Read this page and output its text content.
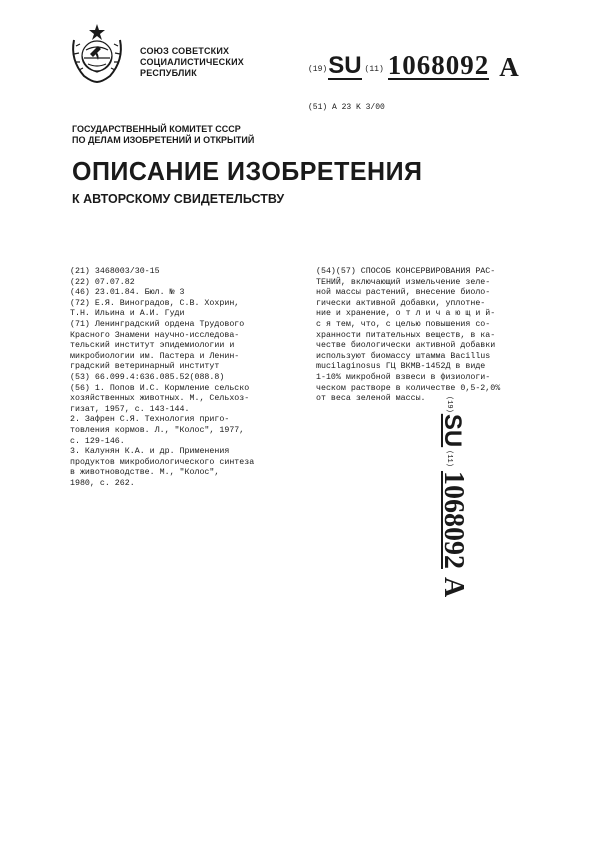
СОЮЗ СОВЕТСКИХ
СОЦИАЛИСТИЧЕСКИХ
РЕСПУБЛИК	(19) SU (11) 1068092 A
(51) A 23 K 3/00
ГОСУДАРСТВЕННЫЙ КОМИТЕТ СССР
ПО ДЕЛАМ ИЗОБРЕТЕНИЙ И ОТКРЫТИЙ
ОПИСАНИЕ ИЗОБРЕТЕНИЯ
К АВТОРСКОМУ СВИДЕТЕЛЬСТВУ
(21) 3468003/30-15
(22) 07.07.82
(46) 23.01.84. Бюл. № 3
(72) Е.Я. Виноградов, С.В. Хохрин,
Т.Н. Ильина и А.И. Гуди
(71) Ленинградский ордена Трудового
Красного Знамени научно-исследова-
тельский институт эпидемиологии и
микробиологии им. Пастера и Ленин-
градский ветеринарный институт
(53) 66.099.4:636.085.52(088.8)
(56) 1. Попов И.С. Кормление сельско
хозяйственных животных. М., Сельхоз-
гизат, 1957, с. 143-144.
2. Зафрен С.Я. Технология приго-
товления кормов. Л., "Колос", 1977,
с. 129-146.
3. Калунян К.А. и др. Применения
продуктов микробиологического синтеза
в животноводстве. М., "Колос",
1980, с. 262.
(54)(57) СПОСОБ КОНСЕРВИРОВАНИЯ РАС-
ТЕНИЙ, включающий измельчение зеле-
ной массы растений, внесение биоло-
гически активной добавки, уплотне-
ние и хранение, о т л и ч а ю щ и й-
с я тем, что, с целью повышения со-
хранности питательных веществ, в ка-
честве биологически активной добавки
используют биомассу штамма Bacillus
mucilaginosus ГЦ ВКМВ-1452Д в виде
1-10% микробной взвеси в физиологи-
ческом растворе в количестве 0,5-2,0%
от веса зеленой массы.	(19)
SU
(11)
1068092
A
